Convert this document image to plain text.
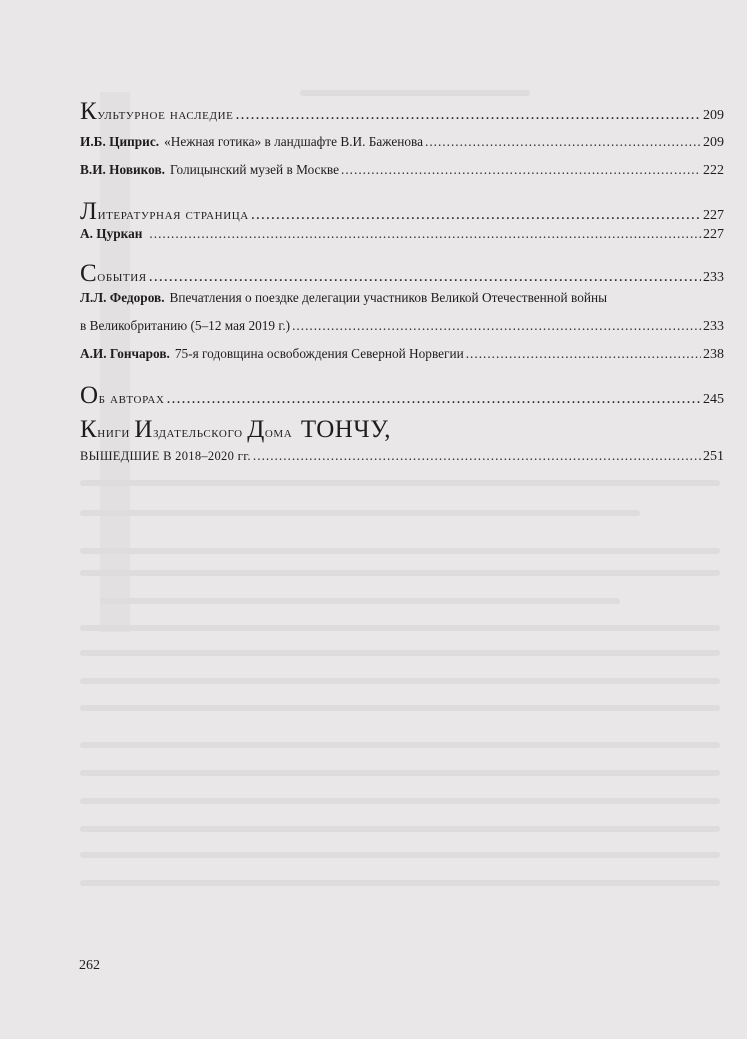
Культурное наследие .....	209
И.Б. Циприс. «Нежная готика» в ландшафте В.И. Баженова .....	209
В.И. Новиков. Голицынский музей в Москве .....	222
Литературная страница .....	227
А. Цуркан .....	227
События .....	233
Л.Л. Федоров. Впечатления о поездке делегации участников Великой Отечественной войны
в Великобританию (5–12 мая 2019 г.) .....	233
А.И. Гончаров. 75-я годовщина освобождения Северной Норвегии .....	238
Об авторах .....	245
Книги издательского дома ТОНЧУ,
ВЫШЕДШИЕ В 2018–2020 гг. .....	251
262
